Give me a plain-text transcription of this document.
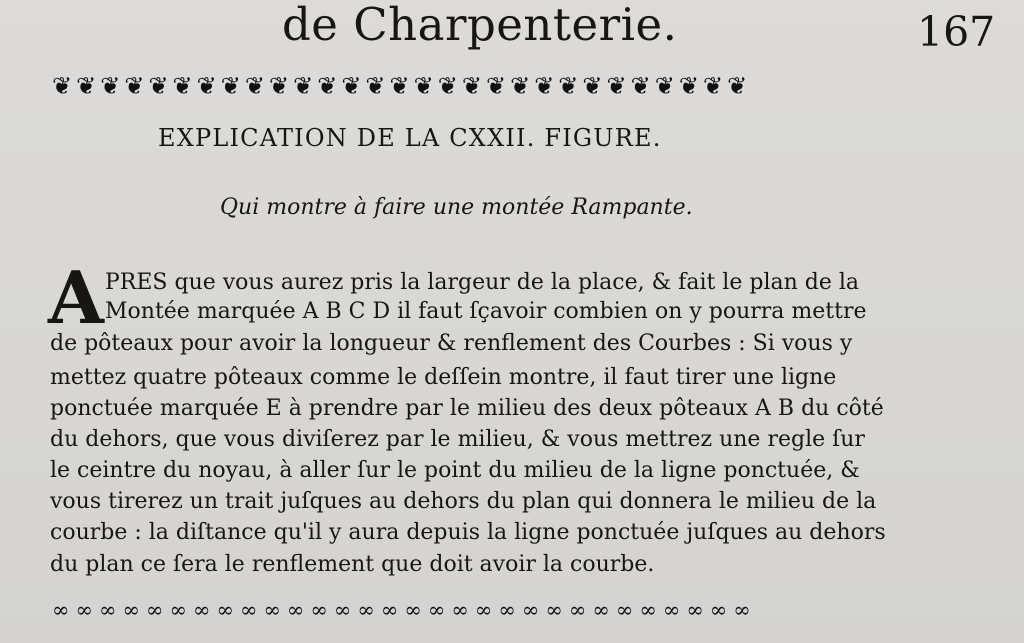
de Charpenterie.	167
❦❦❦❦❦❦❦❦❦❦❦❦❦❦❦❦❦❦❦❦❦❦❦❦❦❦❦❦❦
EXPLICATION DE LA CXXII. FIGURE.
Qui montre à faire une montée Rampante.
A PRES que vous aurez pris la largeur de la place, & fait le plan de la

Montée marquée A B C D il faut ſçavoir combien on y pourra mettre

de pôteaux pour avoir la longueur & renflement des Courbes : Si vous y

mettez quatre pôteaux comme le deſſein montre, il faut tirer une ligne

ponctuée marquée E à prendre par le milieu des deux pôteaux A B du côté

du dehors, que vous diviſerez par le milieu, & vous mettrez une regle ſur

le ceintre du noyau, à aller ſur le point du milieu de la ligne ponctuée, &

vous tirerez un trait juſques au dehors du plan qui donnera le milieu de la

courbe : la diſtance qu'il y aura depuis la ligne ponctuée juſques au dehors

du plan ce ſera le renflement que doit avoir la courbe.

∞∞∞∞∞∞∞∞∞∞∞∞∞∞∞∞∞∞∞∞∞∞∞∞∞∞∞∞∞∞
